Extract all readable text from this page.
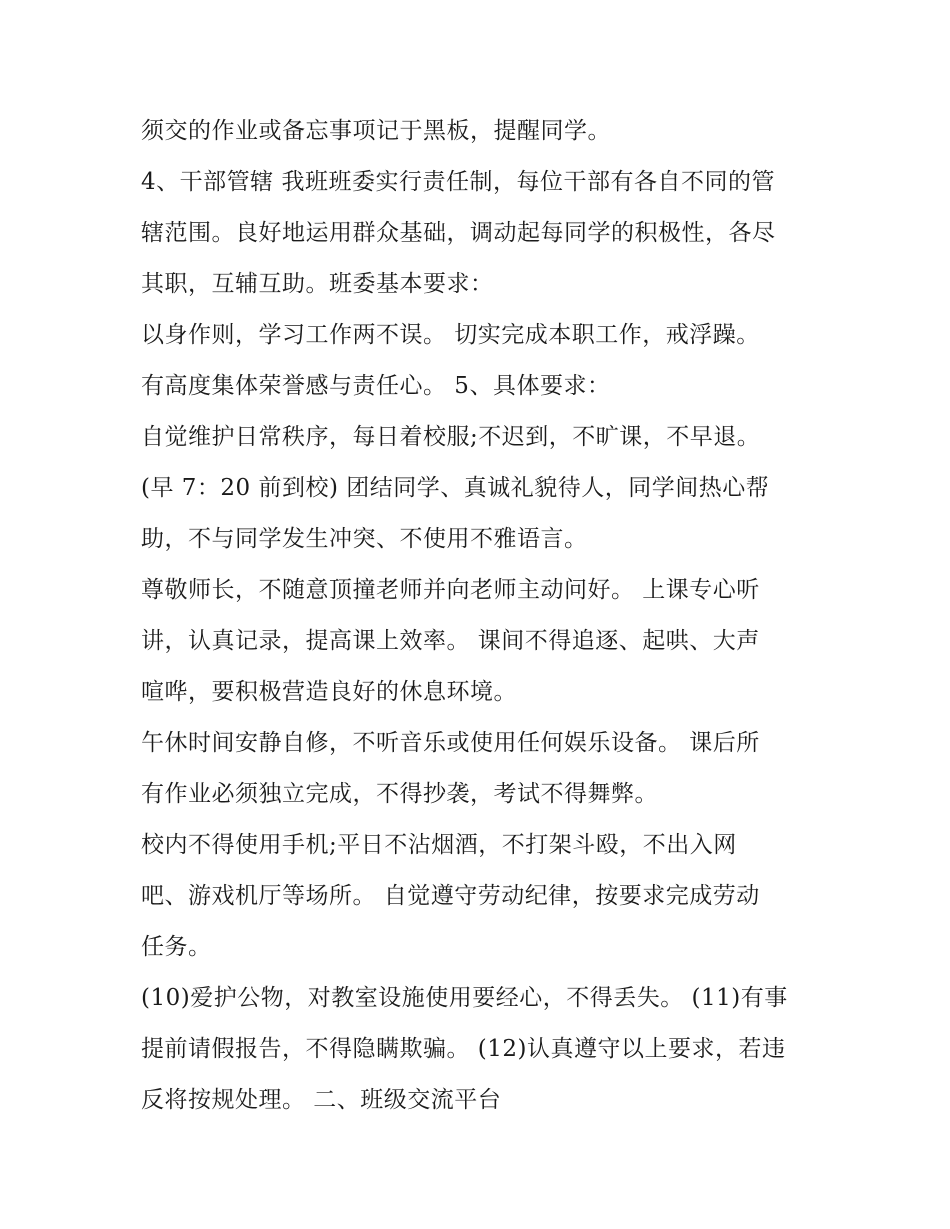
须交的作业或备忘事项记于黑板，提醒同学。
4、干部管辖 我班班委实行责任制，每位干部有各自不同的管
辖范围。良好地运用群众基础，调动起每同学的积极性，各尽
其职，互辅互助。班委基本要求：
以身作则，学习工作两不误。 切实完成本职工作，戒浮躁。
有高度集体荣誉感与责任心。 5、具体要求：
自觉维护日常秩序，每日着校服;不迟到，不旷课，不早退。
(早 7：20 前到校) 团结同学、真诚礼貌待人，同学间热心帮
助，不与同学发生冲突、不使用不雅语言。
尊敬师长，不随意顶撞老师并向老师主动问好。 上课专心听
讲，认真记录，提高课上效率。 课间不得追逐、起哄、大声
喧哗，要积极营造良好的休息环境。
午休时间安静自修，不听音乐或使用任何娱乐设备。 课后所
有作业必须独立完成，不得抄袭，考试不得舞弊。
校内不得使用手机;平日不沾烟酒，不打架斗殴，不出入网
吧、游戏机厅等场所。 自觉遵守劳动纪律，按要求完成劳动
任务。
(10)爱护公物，对教室设施使用要经心，不得丢失。 (11)有事
提前请假报告，不得隐瞒欺骗。 (12)认真遵守以上要求，若违
反将按规处理。 二、班级交流平台
